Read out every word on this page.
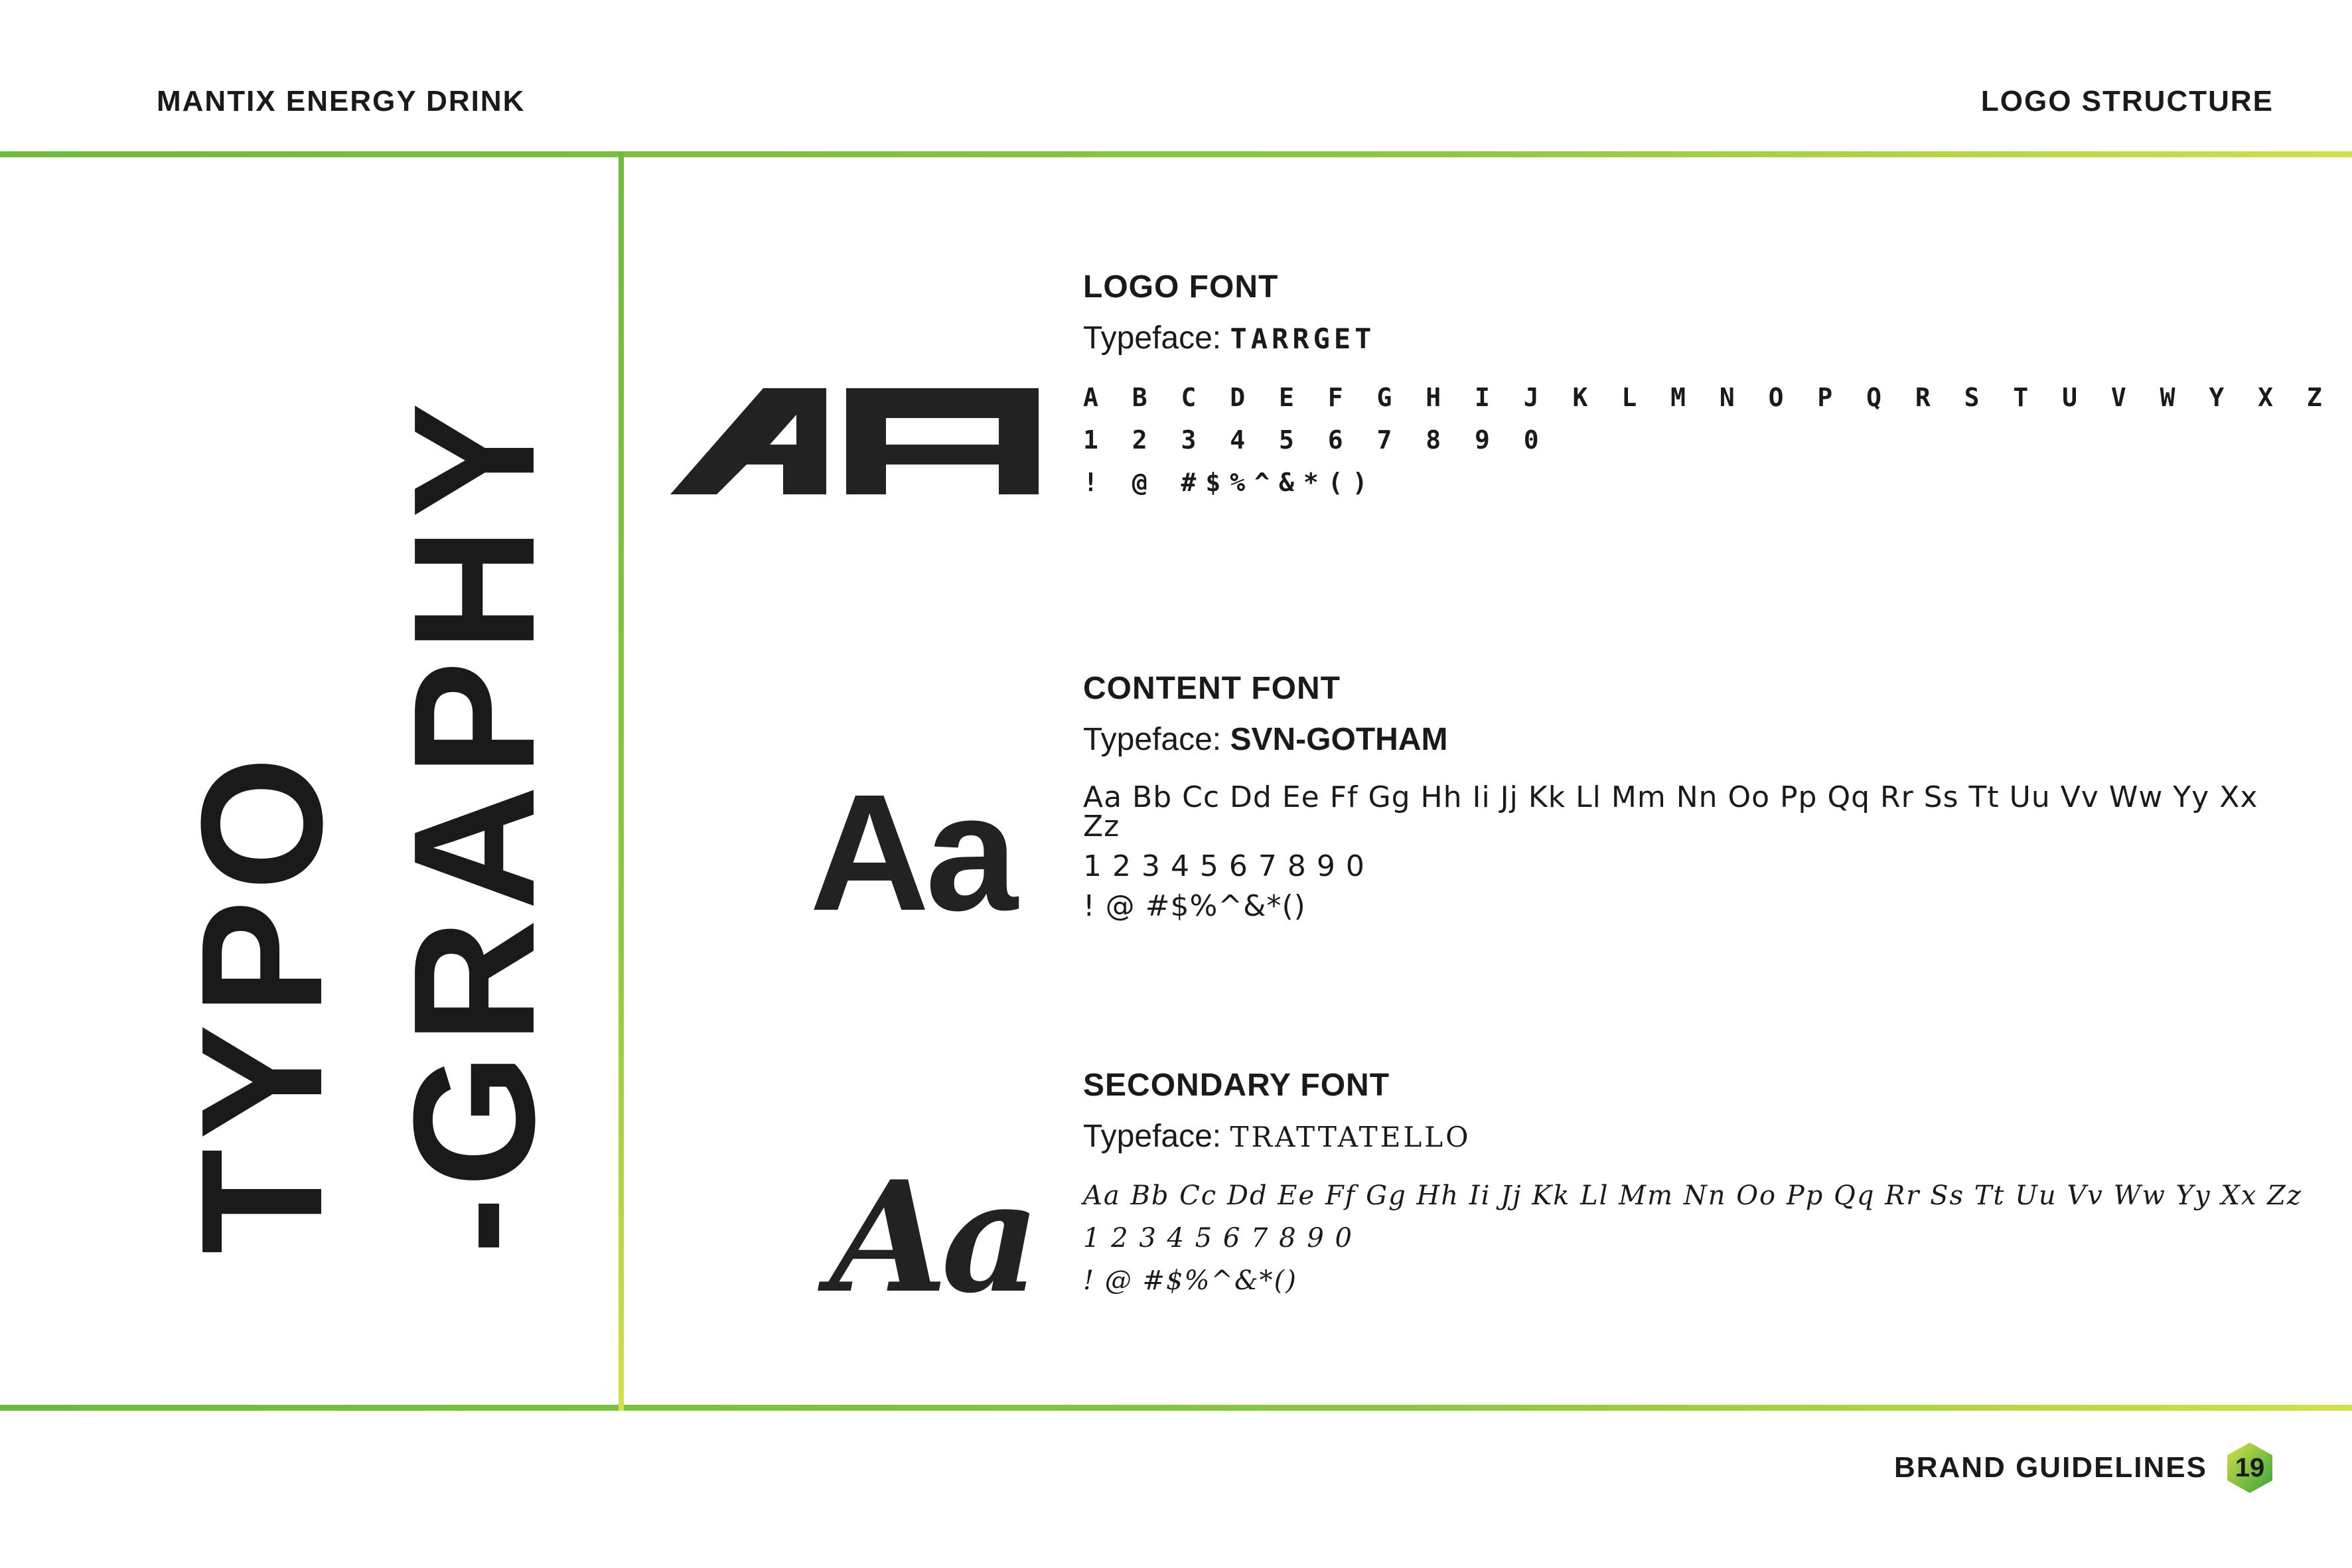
MANTIX ENERGY DRINK	LOGO STRUCTURE
TYPO -GRAPHY Aa
Aa
LOGO FONT
Typeface: TARRGET
A B C D E F G H I J K L M N O P Q R S T U V W Y X Z
1 2 3 4 5 6 7 8 9 0
! @ #$%^&*()
CONTENT FONT
Typeface: SVN-GOTHAM
Aa Bb Cc Dd Ee Ff Gg Hh Ii Jj Kk Ll Mm Nn Oo Pp Qq Rr Ss Tt Uu Vv Ww Yy Xx Zz
1 2 3 4 5 6 7 8 9 0
! @ #$%^&*()
SECONDARY FONT
Typeface: TRATTATELLO
Aa Bb Cc Dd Ee Ff Gg Hh Ii Jj Kk Ll Mm Nn Oo Pp Qq Rr Ss Tt Uu Vv Ww Yy Xx Zz
1 2 3 4 5 6 7 8 9 0
! @ #$%^&*()
BRAND GUIDELINES	19
